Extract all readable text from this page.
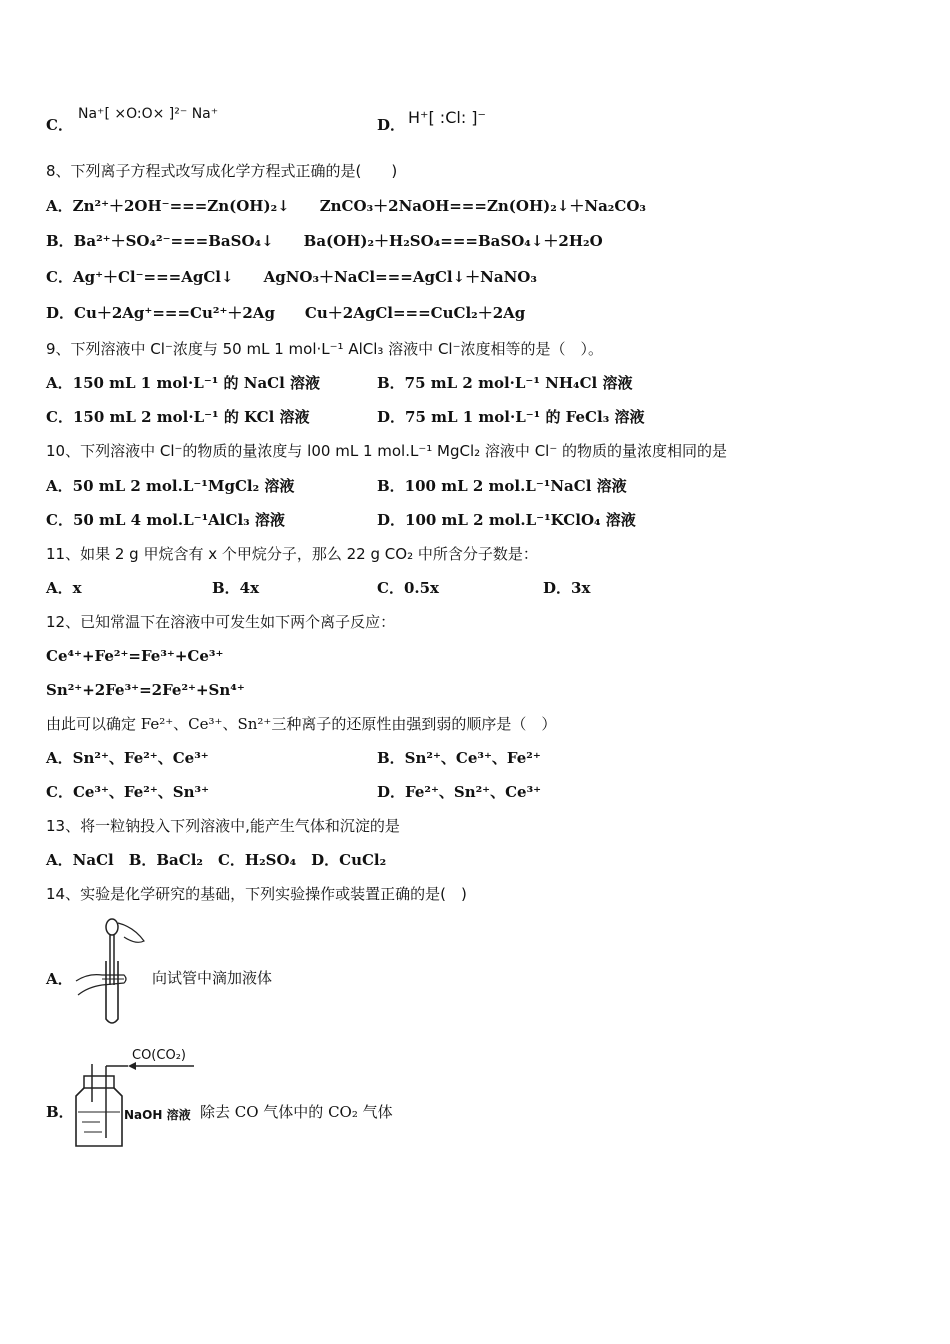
C．
Na⁺[ ×O:O× ]²⁻ Na⁺
D． H⁺[ :Cl: ]⁻
8、下列离子方程式改写成化学方程式正确的是(　　)
A．Zn²⁺＋2OH⁻===Zn(OH)₂↓　　ZnCO₃＋2NaOH===Zn(OH)₂↓＋Na₂CO₃
B．Ba²⁺＋SO₄²⁻===BaSO₄↓　　Ba(OH)₂＋H₂SO₄===BaSO₄↓＋2H₂O
C．Ag⁺＋Cl⁻===AgCl↓　　AgNO₃＋NaCl===AgCl↓＋NaNO₃
D．Cu＋2Ag⁺===Cu²⁺＋2Ag　　Cu＋2AgCl===CuCl₂＋2Ag
9、下列溶液中 Cl⁻浓度与 50 mL 1 mol·L⁻¹ AlCl₃ 溶液中 Cl⁻浓度相等的是（　）。
A．150 mL 1 mol·L⁻¹ 的 NaCl 溶液	B．75 mL 2 mol·L⁻¹ NH₄Cl 溶液
C．150 mL 2 mol·L⁻¹ 的 KCl 溶液	D．75 mL 1 mol·L⁻¹ 的 FeCl₃ 溶液
10、下列溶液中 Cl⁻的物质的量浓度与 l00 mL 1 mol.L⁻¹ MgCl₂ 溶液中 Cl⁻ 的物质的量浓度相同的是
A．50 mL 2 mol.L⁻¹MgCl₂ 溶液	B．100 mL 2 mol.L⁻¹NaCl 溶液
C．50 mL 4 mol.L⁻¹AlCl₃ 溶液	D．100 mL 2 mol.L⁻¹KClO₄ 溶液
11、如果 2 g 甲烷含有 x 个甲烷分子，那么 22 g CO₂ 中所含分子数是：
A．x	B．4x	C．0.5x	D．3x
12、已知常温下在溶液中可发生如下两个离子反应：
Ce⁴⁺+Fe²⁺=Fe³⁺+Ce³⁺
Sn²⁺+2Fe³⁺=2Fe²⁺+Sn⁴⁺
由此可以确定 Fe²⁺、Ce³⁺、Sn²⁺三种离子的还原性由强到弱的顺序是（　）
A．Sn²⁺、Fe²⁺、Ce³⁺	B．Sn²⁺、Ce³⁺、Fe²⁺
C．Ce³⁺、Fe²⁺、Sn³⁺	D．Fe²⁺、Sn²⁺、Ce³⁺
13、将一粒钠投入下列溶液中,能产生气体和沉淀的是
A．NaCl　B．BaCl₂　C．H₂SO₄　D．CuCl₂
14、实验是化学研究的基础，下列实验操作或装置正确的是(　)
A．	向试管中滴加液体
B．
CO(CO₂)
NaOH 溶液 除去 CO 气体中的 CO₂ 气体
